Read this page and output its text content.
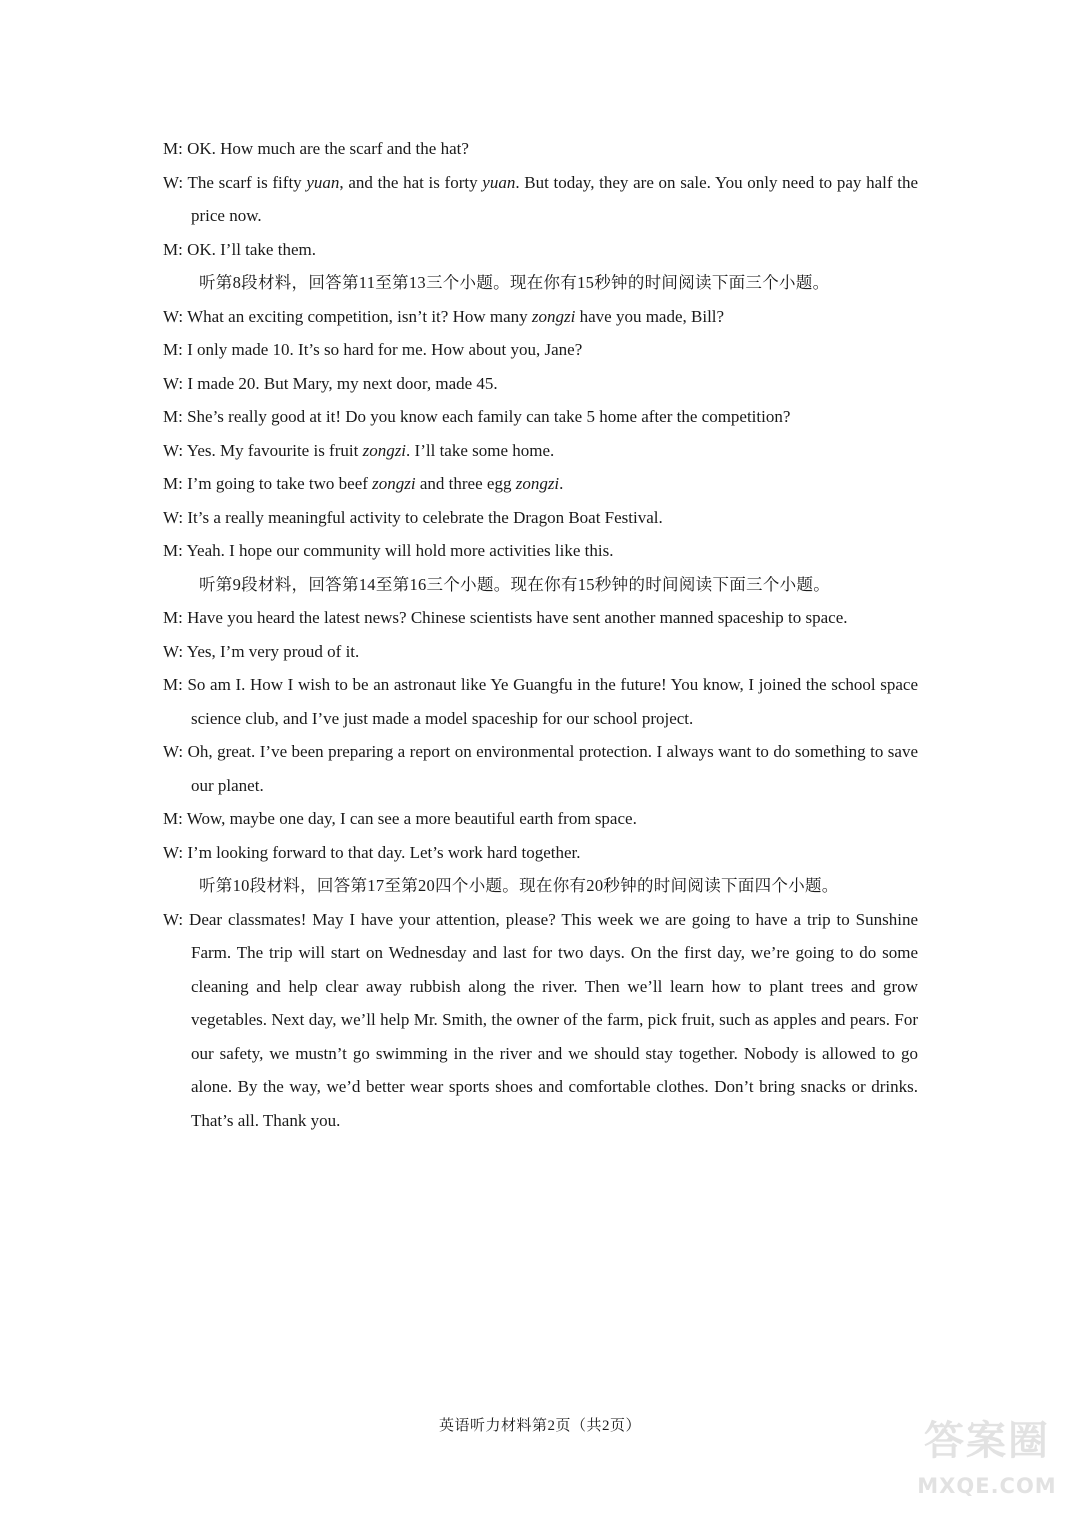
M: OK. How much are the scarf and the hat?
W: The scarf is fifty yuan, and the hat is forty yuan. But today, they are on sale. You only need to pay half the price now.
M: OK. I’ll take them.
听第8段材料，回答第11至第13三个小题。现在你有15秒钟的时间阅读下面三个小题。
W: What an exciting competition, isn’t it? How many zongzi have you made, Bill?
M: I only made 10. It’s so hard for me. How about you, Jane?
W: I made 20. But Mary, my next door, made 45.
M: She’s really good at it! Do you know each family can take 5 home after the competition?
W: Yes. My favourite is fruit zongzi. I’ll take some home.
M: I’m going to take two beef zongzi and three egg zongzi.
W: It’s a really meaningful activity to celebrate the Dragon Boat Festival.
M: Yeah. I hope our community will hold more activities like this.
听第9段材料，回答第14至第16三个小题。现在你有15秒钟的时间阅读下面三个小题。
M: Have you heard the latest news? Chinese scientists have sent another manned spaceship to space.
W: Yes, I’m very proud of it.
M: So am I. How I wish to be an astronaut like Ye Guangfu in the future! You know, I joined the school space science club, and I’ve just made a model spaceship for our school project.
W: Oh, great. I’ve been preparing a report on environmental protection. I always want to do something to save our planet.
M: Wow, maybe one day, I can see a more beautiful earth from space.
W: I’m looking forward to that day. Let’s work hard together.
听第10段材料，回答第17至第20四个小题。现在你有20秒钟的时间阅读下面四个小题。
W: Dear classmates! May I have your attention, please? This week we are going to have a trip to Sunshine Farm. The trip will start on Wednesday and last for two days. On the first day, we’re going to do some cleaning and help clear away rubbish along the river. Then we’ll learn how to plant trees and grow vegetables. Next day, we’ll help Mr. Smith, the owner of the farm, pick fruit, such as apples and pears. For our safety, we mustn’t go swimming in the river and we should stay together. Nobody is allowed to go alone. By the way, we’d better wear sports shoes and comfortable clothes. Don’t bring snacks or drinks. That’s all. Thank you.
英语听力材料第2页（共2页）	答案圈
MXQE.COM
